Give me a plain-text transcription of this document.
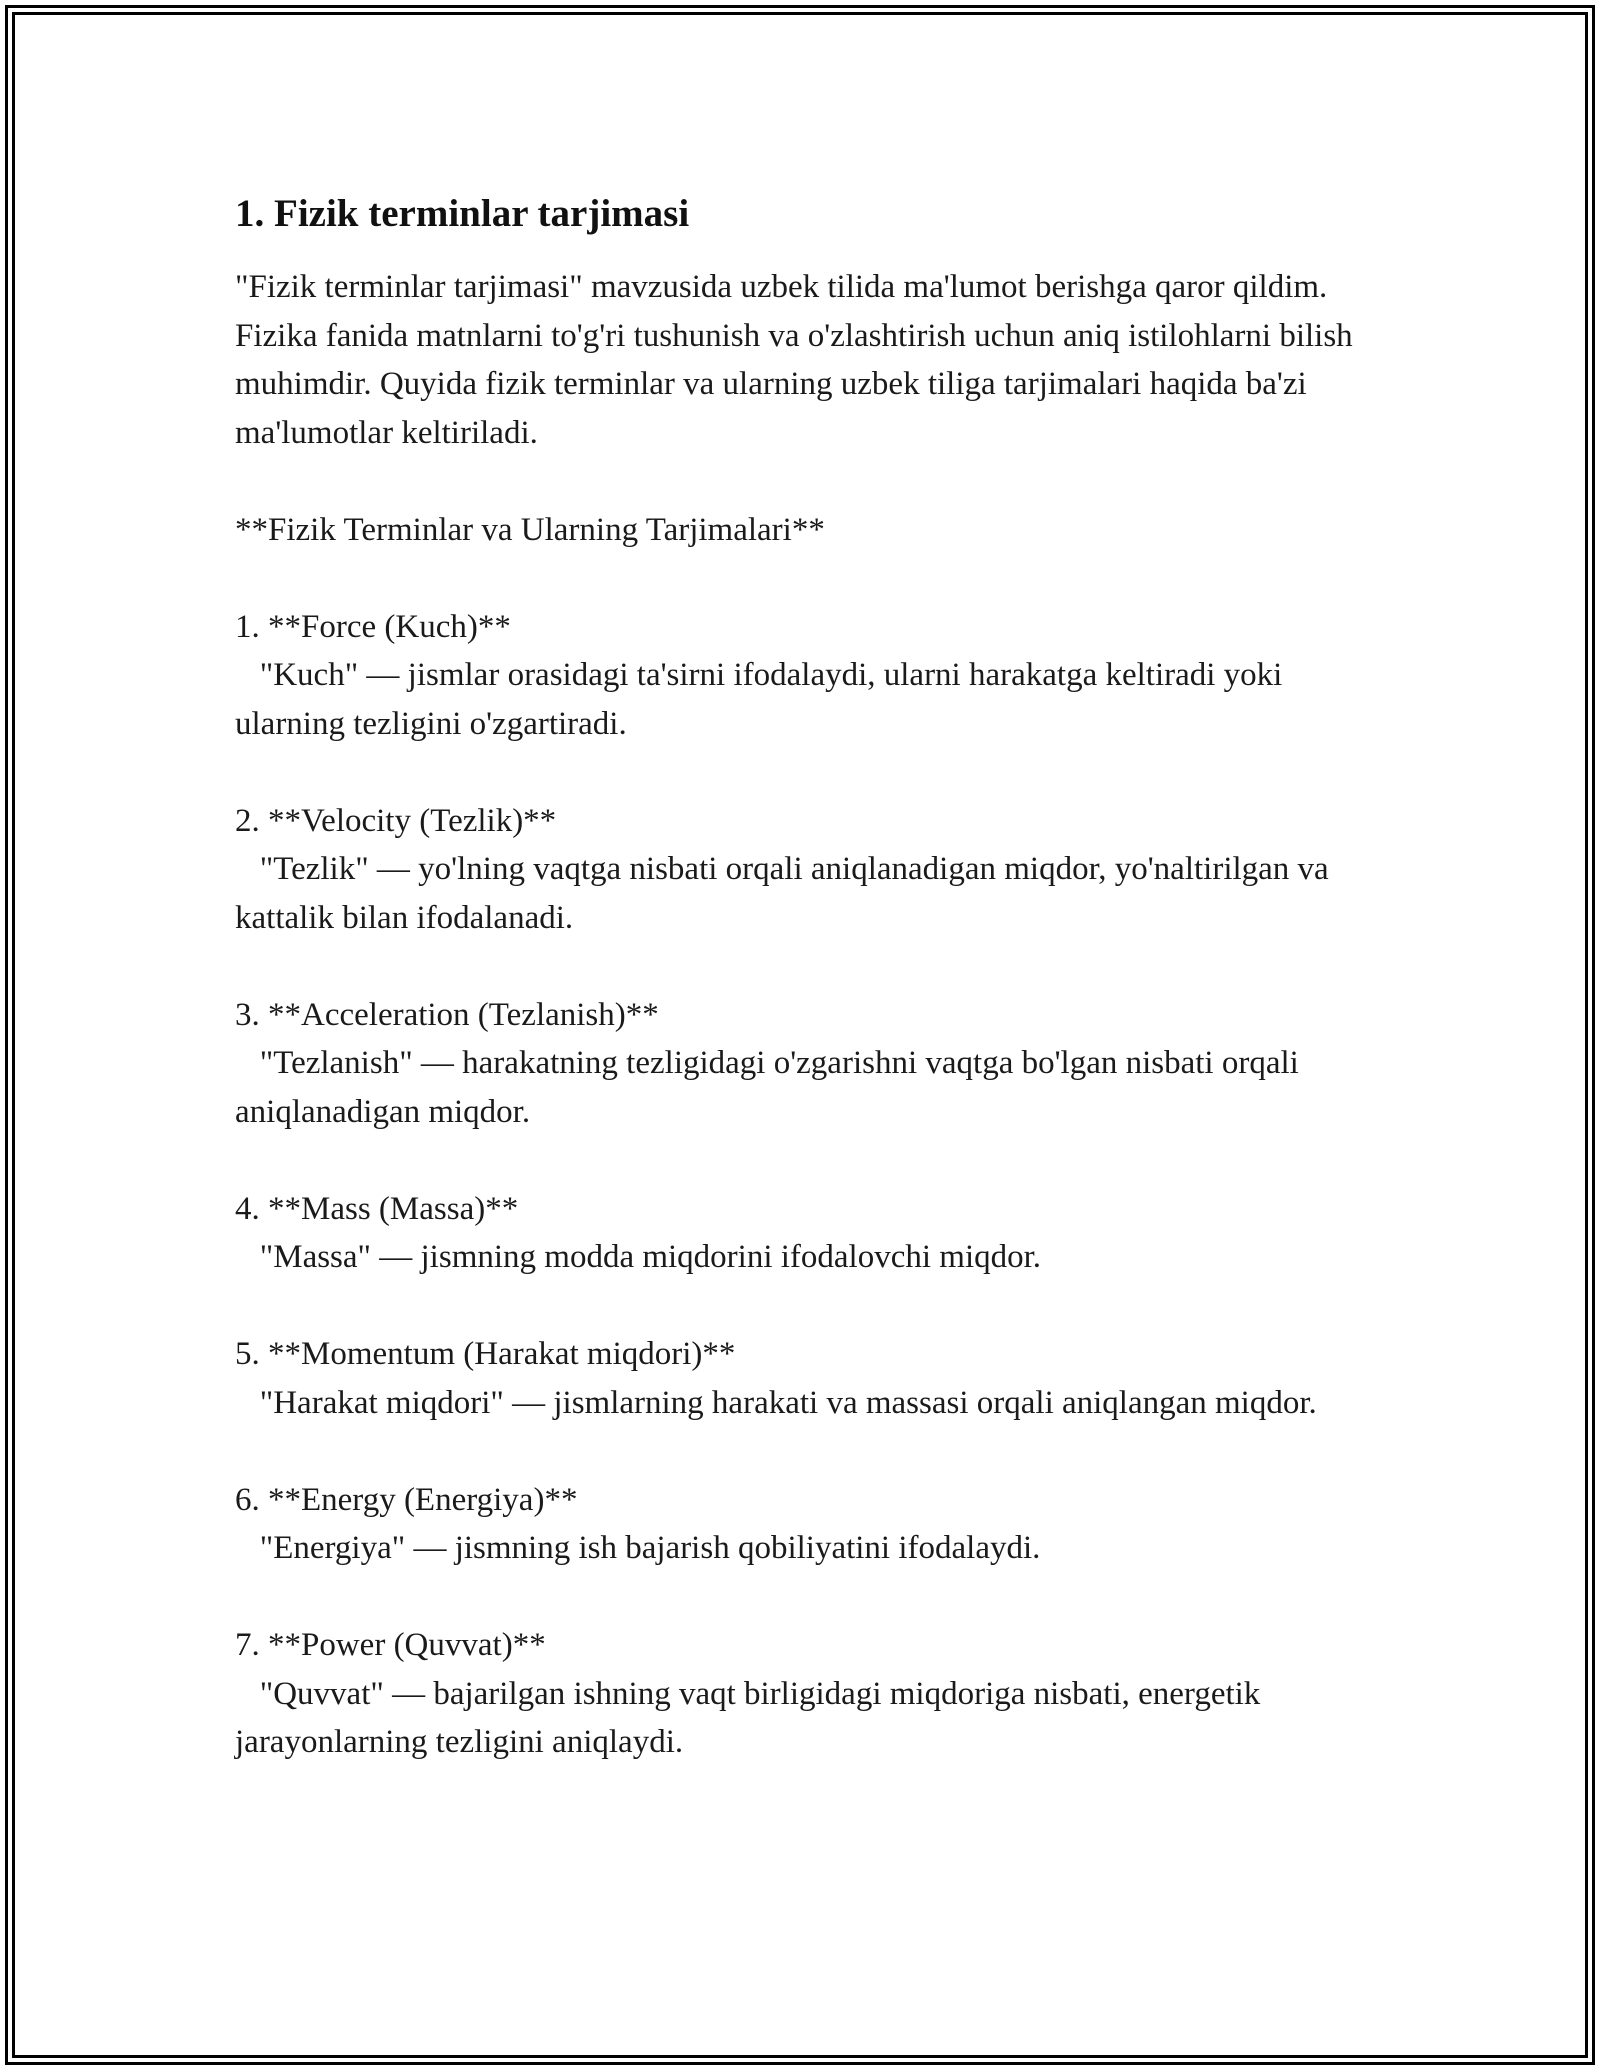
1. Fizik terminlar tarjimasi

"Fizik terminlar tarjimasi" mavzusida uzbek tilida ma'lumot berishga qaror qildim. Fizika fanida matnlarni to'g'ri tushunish va o'zlashtirish uchun aniq istilohlarni bilish muhimdir. Quyida fizik terminlar va ularning uzbek tiliga tarjimalari haqida ba'zi ma'lumotlar keltiriladi.

**Fizik Terminlar va Ularning Tarjimalari**

1. **Force (Kuch)**

"Kuch" — jismlar orasidagi ta'sirni ifodalaydi, ularni harakatga keltiradi yoki ularning tezligini o'zgartiradi.

2. **Velocity (Tezlik)**

"Tezlik" — yo'lning vaqtga nisbati orqali aniqlanadigan miqdor, yo'naltirilgan va kattalik bilan ifodalanadi.

3. **Acceleration (Tezlanish)**

"Tezlanish" — harakatning tezligidagi o'zgarishni vaqtga bo'lgan nisbati orqali aniqlanadigan miqdor.

4. **Mass (Massa)**

"Massa" — jismning modda miqdorini ifodalovchi miqdor.

5. **Momentum (Harakat miqdori)**

"Harakat miqdori" — jismlarning harakati va massasi orqali aniqlangan miqdor.

6. **Energy (Energiya)**

"Energiya" — jismning ish bajarish qobiliyatini ifodalaydi.

7. **Power (Quvvat)**

"Quvvat" — bajarilgan ishning vaqt birligidagi miqdoriga nisbati, energetik jarayonlarning tezligini aniqlaydi.
